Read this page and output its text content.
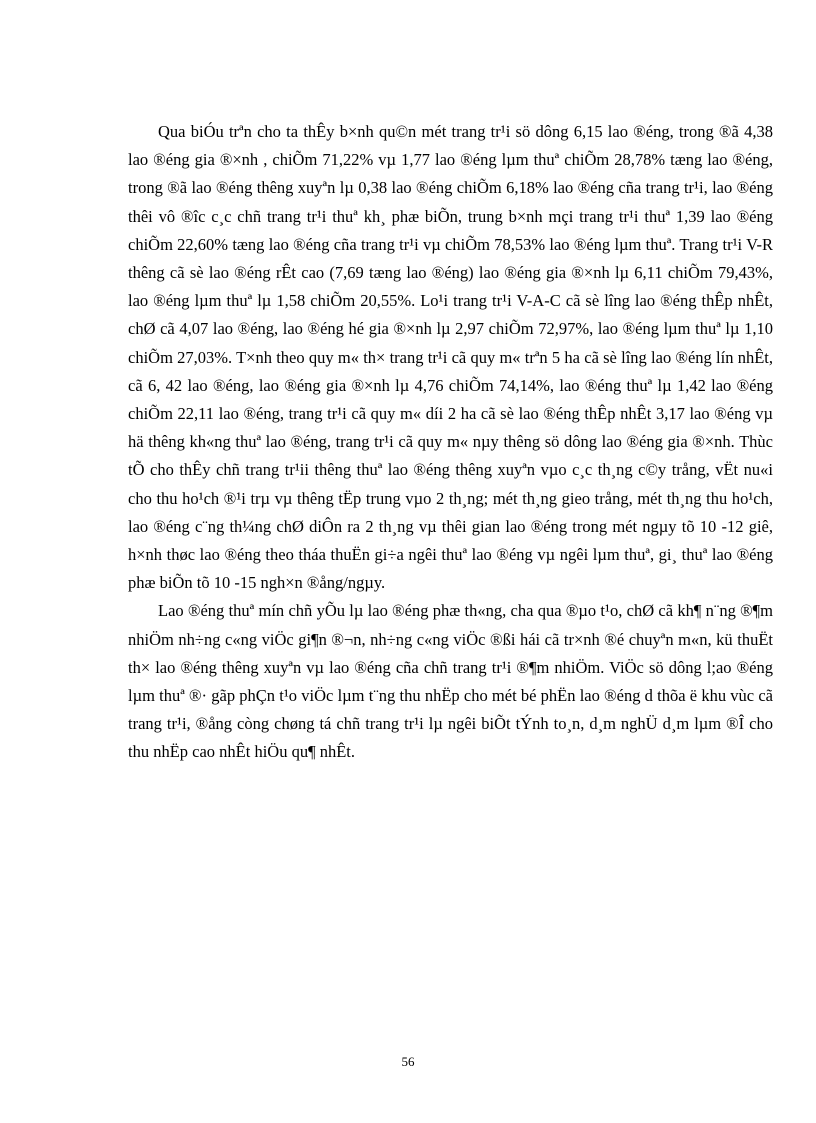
Qua biÓu trªn cho ta thÊy b×nh qu©n mét trang tr¹i sö dông 6,15 lao ®éng, trong ®ã 4,38 lao ®éng gia ®×nh , chiÕm 71,22% vµ 1,77 lao ®éng lµm thuª chiÕm 28,78% tæng lao ®éng, trong ®ã lao ®éng thêng xuyªn lµ 0,38 lao ®éng chiÕm 6,18% lao ®éng cña trang tr¹i, lao ®éng thêi vô ®îc c¸c chñ trang tr¹i thuª kh¸ phæ biÕn, trung b×nh mçi trang tr¹i thuª 1,39 lao ®éng chiÕm 22,60% tæng lao ®éng cña trang tr¹i vµ chiÕm 78,53% lao ®éng lµm thuª. Trang tr¹i V-R thêng cã sè lao ®éng rÊt cao (7,69 tæng lao ®éng) lao ®éng gia ®×nh lµ 6,11 chiÕm 79,43%, lao ®éng lµm thuª lµ 1,58 chiÕm 20,55%. Lo¹i trang tr¹i V-A-C cã sè lîng lao ®éng thÊp nhÊt, chØ cã 4,07 lao ®éng, lao ®éng hé gia ®×nh lµ 2,97 chiÕm 72,97%, lao ®éng lµm thuª lµ 1,10 chiÕm 27,03%. T×nh theo quy m« th× trang tr¹i cã quy m« trªn 5 ha cã sè lîng lao ®éng lín nhÊt, cã 6, 42 lao ®éng, lao ®éng gia ®×nh lµ 4,76 chiÕm 74,14%, lao ®éng thuª lµ 1,42 lao ®éng chiÕm 22,11 lao ®éng, trang tr¹i cã quy m« díi 2 ha cã sè lao ®éng thÊp nhÊt 3,17 lao ®éng vµ hä thêng kh«ng thuª lao ®éng, trang tr¹i cã quy m« nµy thêng sö dông lao ®éng gia ®×nh. Thùc tÕ cho thÊy chñ trang tr¹ii thêng thuª lao ®éng thêng xuyªn vµo c¸c th¸ng c©y trång, vËt nu«i cho thu ho¹ch ®¹i trµ vµ thêng tËp trung vµo 2 th¸ng; mét th¸ng gieo trång, mét th¸ng thu ho¹ch, lao ®éng c¨ng th¼ng chØ diÔn ra 2 th¸ng vµ thêi gian lao ®éng trong mét ngµy tõ 10 -12 giê, h×nh thøc lao ®éng theo tháa thuËn gi÷a ngêi thuª lao ®éng vµ ngêi lµm thuª, gi¸ thuª lao ®éng phæ biÕn tõ 10 -15 ngh×n ®ång/ngµy.

Lao ®éng thuª mín chñ yÕu lµ lao ®éng phæ th«ng, cha qua ®µo t¹o, chØ cã kh¶ n¨ng ®¶m nhiÖm nh÷ng c«ng viÖc gi¶n ®¬n, nh÷ng c«ng viÖc ®ßi hái cã tr×nh ®é chuyªn m«n, kü thuËt th× lao ®éng thêng xuyªn vµ lao ®éng cña chñ trang tr¹i ®¶m nhiÖm. ViÖc sö dông l;ao ®éng lµm thuª ®· gãp phÇn t¹o viÖc lµm t¨ng thu nhËp cho mét bé phËn lao ®éng d thõa ë khu vùc cã trang tr¹i, ®ång còng chøng tá chñ trang tr¹i lµ ngêi biÕt tÝnh to¸n, d¸m nghÜ d¸m lµm ®Î cho thu nhËp cao nhÊt hiÖu qu¶ nhÊt.

56
